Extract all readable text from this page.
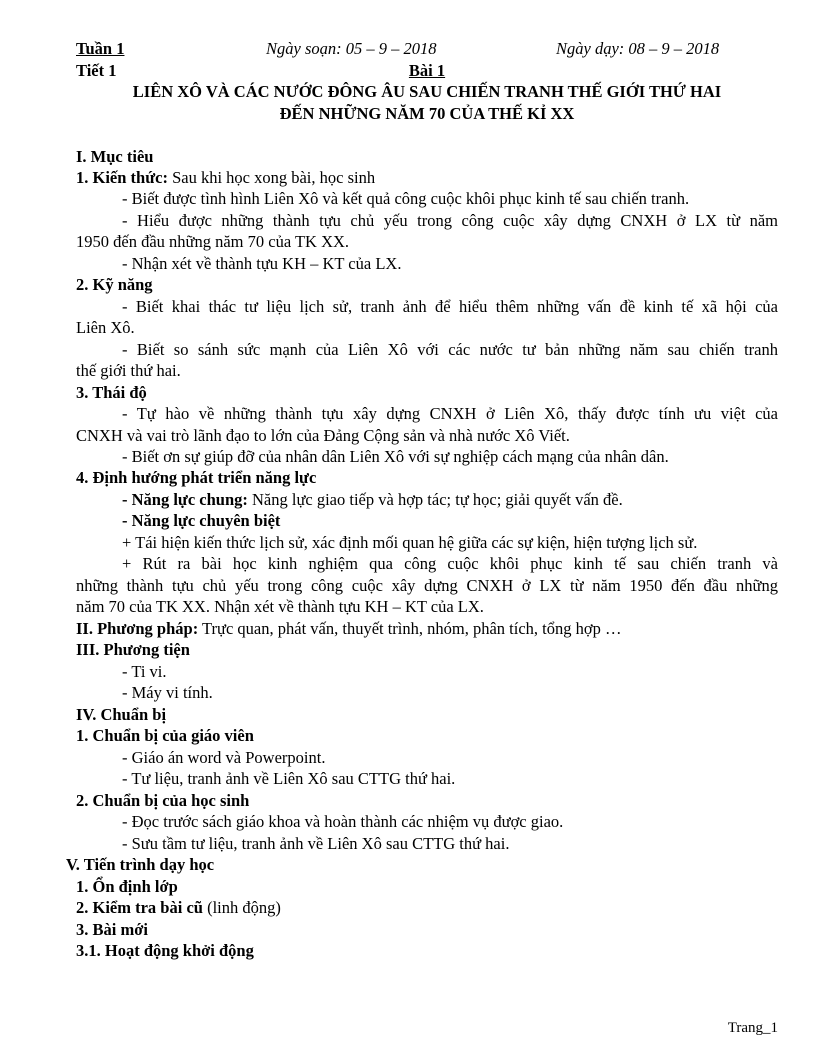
Tuần 1	Ngày soạn: 05 – 9 – 2018	Ngày dạy: 08 – 9 – 2018
Tiết 1	Bài 1
LIÊN XÔ VÀ CÁC NƯỚC ĐÔNG ÂU SAU CHIẾN TRANH THẾ GIỚI THỨ HAI
ĐẾN NHỮNG NĂM 70 CỦA THẾ KỈ XX
I. Mục tiêu
1. Kiến thức: Sau khi học xong bài, học sinh
- Biết được tình hình Liên Xô và kết quả công cuộc khôi phục kinh tế sau chiến tranh.
- Hiểu được những thành tựu chủ yếu trong công cuộc xây dựng CNXH ở LX từ năm
1950 đến đầu những năm 70 của TK XX.
- Nhận xét về thành tựu KH – KT của LX.
2. Kỹ năng
- Biết khai thác tư liệu lịch sử, tranh ảnh để hiểu thêm những vấn đề kinh tế xã hội của
Liên Xô.
- Biết so sánh sức mạnh của Liên Xô với các nước tư bản những năm sau chiến tranh
thế giới thứ hai.
3. Thái độ
- Tự hào về những thành tựu xây dựng CNXH ở Liên Xô, thấy được tính ưu việt của
CNXH và vai trò lãnh đạo to lớn của Đảng Cộng sản và nhà nước Xô Viết.
- Biết ơn sự giúp đỡ của nhân dân Liên Xô với sự nghiệp cách mạng của nhân dân.
4. Định hướng phát triển năng lực
- Năng lực chung: Năng lực giao tiếp và hợp tác; tự học; giải quyết vấn đề.
- Năng lực chuyên biệt
+ Tái hiện kiến thức lịch sử, xác định mối quan hệ giữa các sự kiện, hiện tượng lịch sử.
+ Rút ra bài học kinh nghiệm qua công cuộc khôi phục kinh tế sau chiến tranh và
những thành tựu chủ yếu trong công cuộc xây dựng CNXH ở LX từ năm 1950 đến đầu những
năm 70 của TK XX. Nhận xét về thành tựu KH – KT của LX.
II. Phương pháp: Trực quan, phát vấn, thuyết trình, nhóm, phân tích, tổng hợp …
III. Phương tiện
- Ti vi.
- Máy vi tính.
IV. Chuẩn bị
1. Chuẩn bị của giáo viên
- Giáo án word và Powerpoint.
- Tư liệu, tranh ảnh về Liên Xô sau CTTG thứ hai.
2. Chuẩn bị của học sinh
- Đọc trước sách giáo khoa và hoàn thành các nhiệm vụ được giao.
- Sưu tầm tư liệu, tranh ảnh về Liên Xô sau CTTG thứ hai.
V. Tiến trình dạy học
1. Ổn định lớp
2. Kiểm tra bài cũ (linh động)
3. Bài mới
3.1. Hoạt động khởi động
Trang_1
